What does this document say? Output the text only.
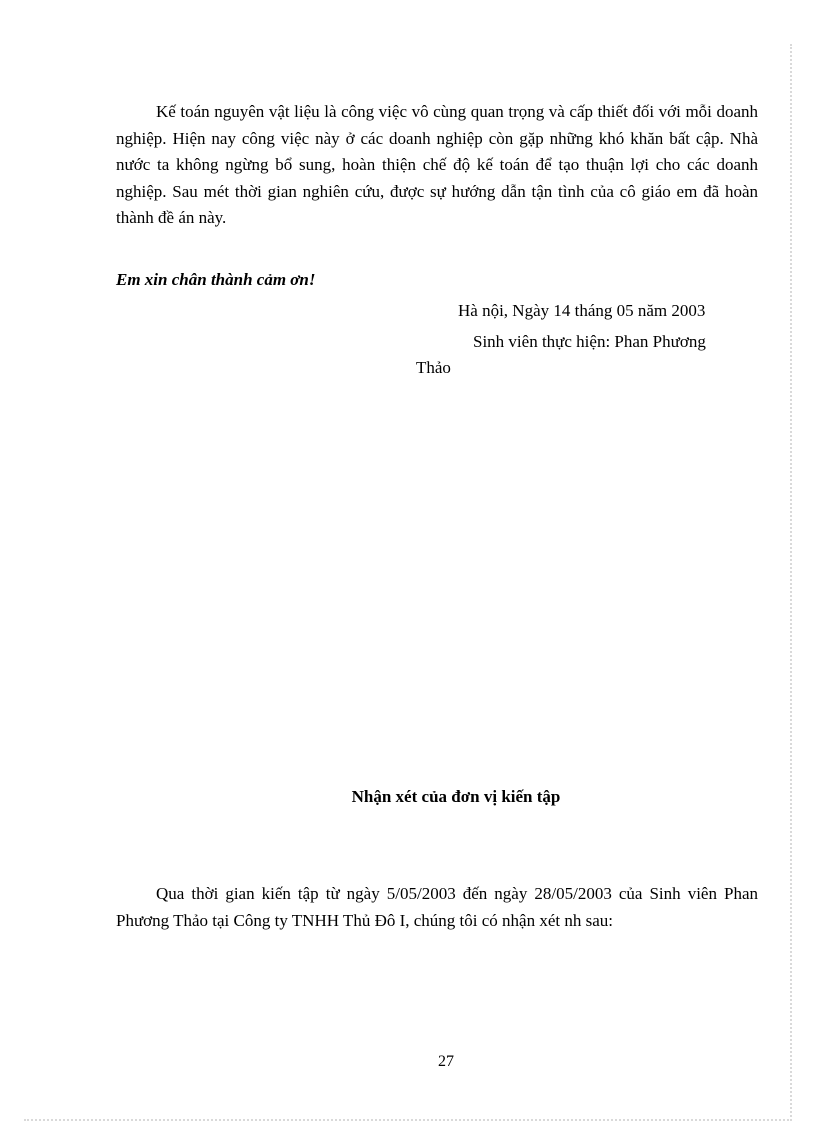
Kế toán nguyên vật liệu là công việc vô cùng quan trọng và cấp thiết đối với mỗi doanh nghiệp. Hiện nay công việc này ở các doanh nghiệp còn gặp những khó khăn bất cập. Nhà nước ta không ngừng bổ sung, hoàn thiện chế độ kế toán để tạo thuận lợi cho các doanh nghiệp. Sau mét thời gian nghiên cứu, được sự hướng dẫn tận tình của cô giáo em đã hoàn thành đề án này.

Em xin chân thành cảm ơn!

Hà nội, Ngày 14 tháng 05 năm 2003

Sinh viên thực hiện: Phan Phương

Thảo

Nhận xét của đơn vị kiến tập

Qua thời gian kiến tập từ ngày 5/05/2003 đến ngày 28/05/2003 của Sinh viên Phan Phương Thảo tại Công ty TNHH Thủ Đô I, chúng tôi có nhận xét nh sau:

27
